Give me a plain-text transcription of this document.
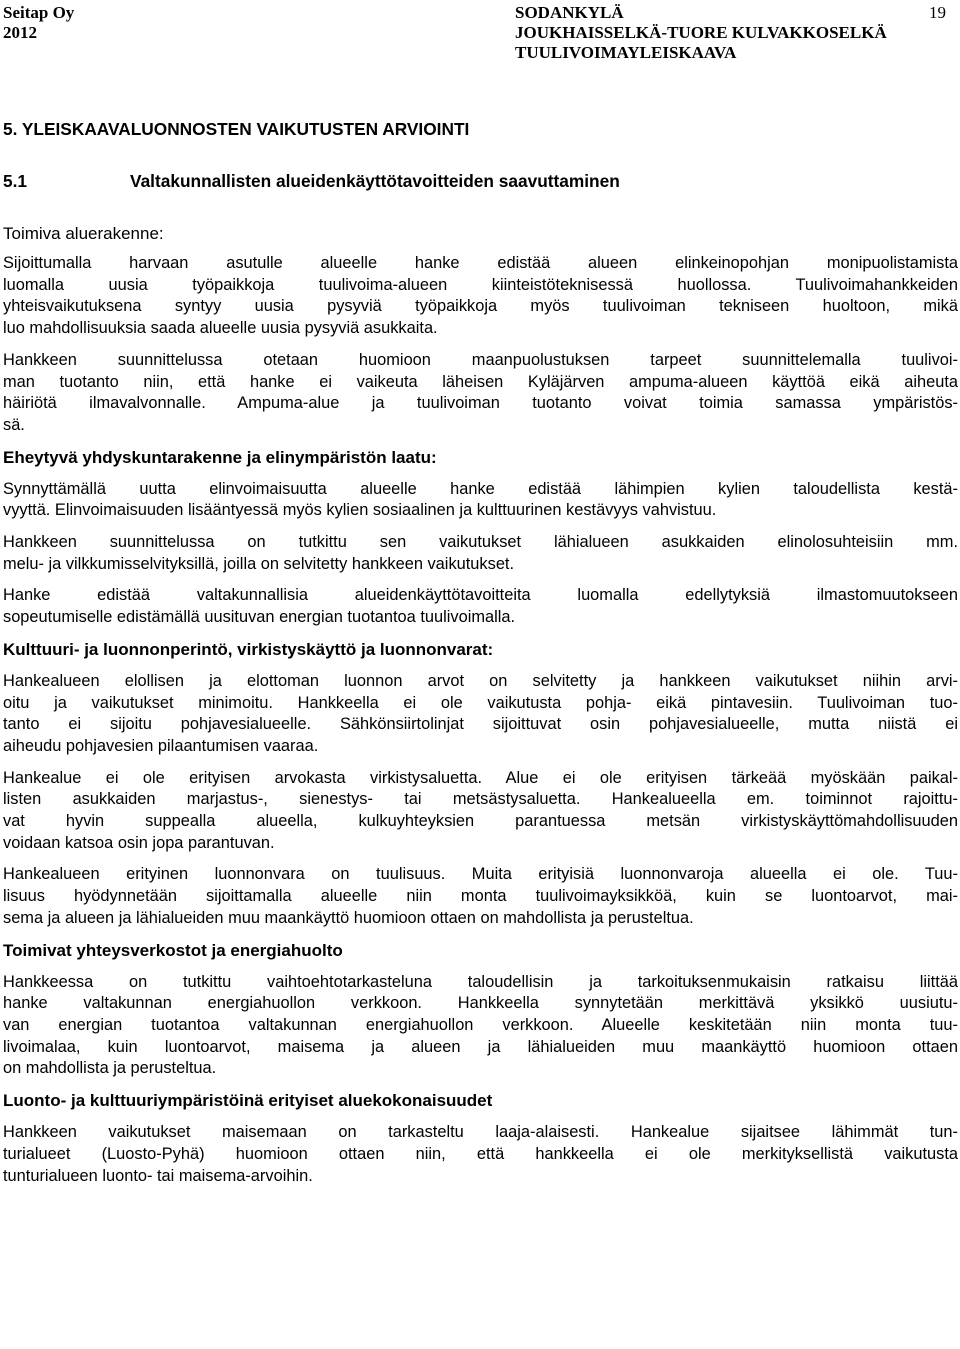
Seitap Oy
2012
SODANKYLÄ
JOUKHAISSELKÄ-TUORE KULVAKKOSELKÄ
TUULIVOIMAYLEISKAAVA
19
5. YLEISKAAVALUONNOSTEN VAIKUTUSTEN ARVIOINTI
5.1	Valtakunnallisten alueidenkäyttötavoitteiden saavuttaminen
Toimiva aluerakenne:
Sijoittumalla harvaan asutulle alueelle hanke edistää alueen elinkeinopohjan monipuolistamista
luomalla uusia työpaikkoja tuulivoima-alueen kiinteistöteknisessä huollossa. Tuulivoimahankkeiden
yhteisvaikutuksena syntyy uusia pysyviä työpaikkoja myös tuulivoiman tekniseen huoltoon, mikä
luo mahdollisuuksia saada alueelle uusia pysyviä asukkaita.
Hankkeen suunnittelussa otetaan huomioon maanpuolustuksen tarpeet suunnittelemalla tuulivoi-
man tuotanto niin, että hanke ei vaikeuta läheisen Kyläjärven ampuma-alueen käyttöä eikä aiheuta
häiriötä ilmavalvonnalle. Ampuma-alue ja tuulivoiman tuotanto voivat toimia samassa ympäristös-
sä.
Eheytyvä yhdyskuntarakenne ja elinympäristön laatu:
Synnyttämällä uutta elinvoimaisuutta alueelle hanke edistää lähimpien kylien taloudellista kestä-
vyyttä. Elinvoimaisuuden lisääntyessä myös kylien sosiaalinen ja kulttuurinen kestävyys vahvistuu.
Hankkeen suunnittelussa on tutkittu sen vaikutukset lähialueen asukkaiden elinolosuhteisiin mm.
melu- ja vilkkumisselvityksillä, joilla on selvitetty hankkeen vaikutukset.
Hanke edistää valtakunnallisia alueidenkäyttötavoitteita luomalla edellytyksiä ilmastomuutokseen
sopeutumiselle edistämällä uusituvan energian tuotantoa tuulivoimalla.
Kulttuuri- ja luonnonperintö, virkistyskäyttö ja luonnonvarat:
Hankealueen elollisen ja elottoman luonnon arvot on selvitetty ja hankkeen vaikutukset niihin arvi-
oitu ja vaikutukset minimoitu. Hankkeella ei ole vaikutusta pohja- eikä pintavesiin. Tuulivoiman tuo-
tanto ei sijoitu pohjavesialueelle. Sähkönsiirtolinjat sijoittuvat osin pohjavesialueelle, mutta niistä ei
aiheudu pohjavesien pilaantumisen vaaraa.
Hankealue ei ole erityisen arvokasta virkistysaluetta. Alue ei ole erityisen tärkeää myöskään paikal-
listen asukkaiden marjastus-, sienestys- tai metsästysaluetta. Hankealueella em. toiminnot rajoittu-
vat hyvin suppealla alueella, kulkuyhteyksien parantuessa metsän virkistyskäyttömahdollisuuden
voidaan katsoa osin jopa parantuvan.
Hankealueen erityinen luonnonvara on tuulisuus. Muita erityisiä luonnonvaroja alueella ei ole. Tuu-
lisuus hyödynnetään sijoittamalla alueelle niin monta tuulivoimayksikköä, kuin se luontoarvot, mai-
sema ja alueen ja lähialueiden muu maankäyttö huomioon ottaen on mahdollista ja perusteltua.
Toimivat yhteysverkostot ja energiahuolto
Hankkeessa on tutkittu vaihtoehtotarkasteluna taloudellisin ja tarkoituksenmukaisin ratkaisu liittää
hanke valtakunnan energiahuollon verkkoon. Hankkeella synnytetään merkittävä yksikkö uusiutu-
van energian tuotantoa valtakunnan energiahuollon verkkoon. Alueelle keskitetään niin monta tuu-
livoimalaa, kuin luontoarvot, maisema ja alueen ja lähialueiden muu maankäyttö huomioon ottaen
on mahdollista ja perusteltua.
Luonto- ja kulttuuriympäristöinä erityiset aluekokonaisuudet
Hankkeen vaikutukset maisemaan on tarkasteltu laaja-alaisesti. Hankealue sijaitsee lähimmät tun-
turialueet (Luosto-Pyhä) huomioon ottaen niin, että hankkeella ei ole merkityksellistä vaikutusta
tunturialueen luonto- tai maisema-arvoihin.
